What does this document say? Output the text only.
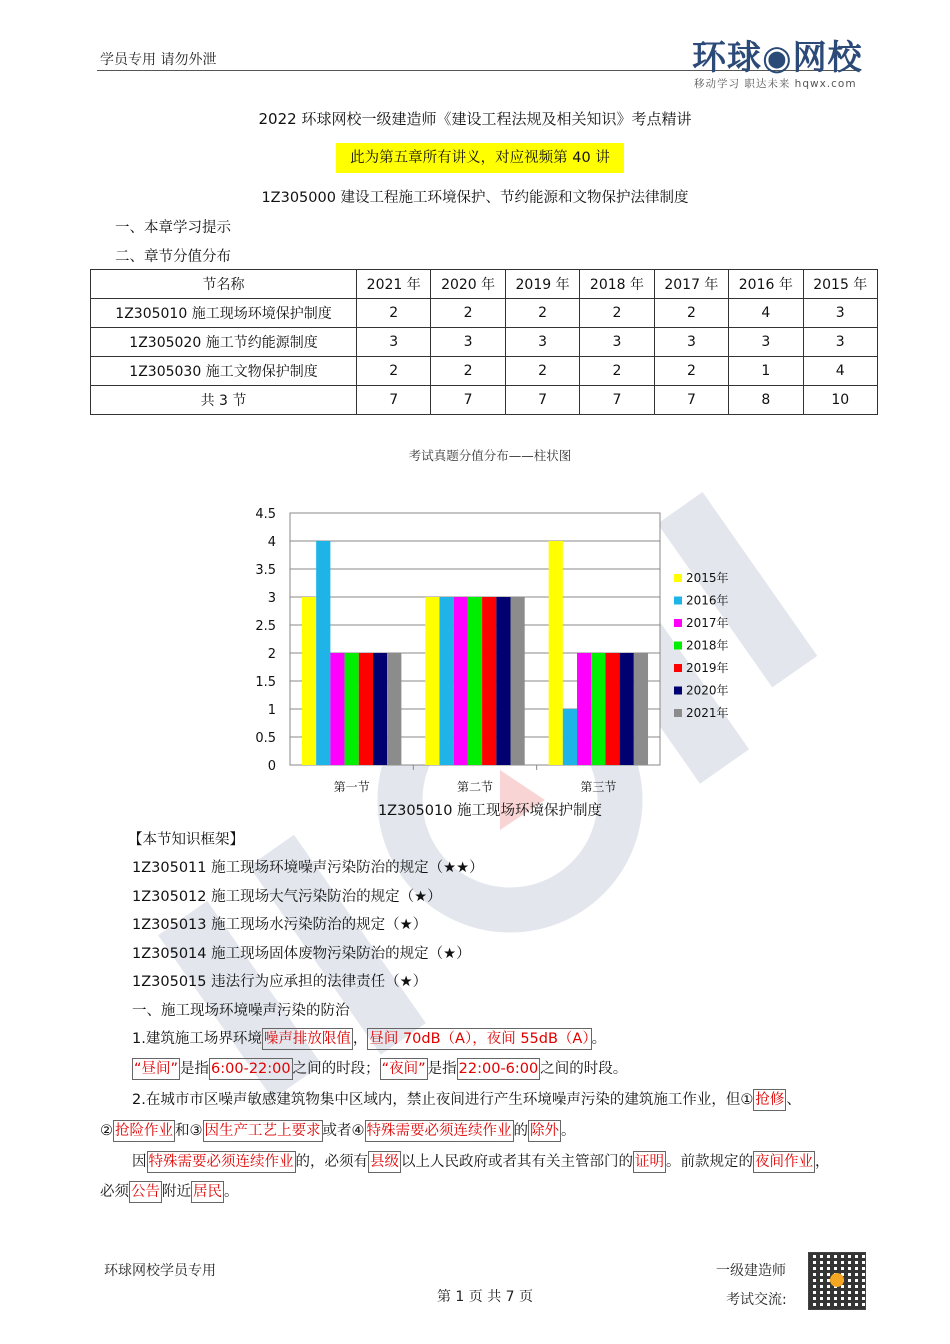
学员专用 请勿外泄	环球◉网校
移动学习 职达未来 hqwx.com
2022 环球网校一级建造师《建设工程法规及相关知识》考点精讲
此为第五章所有讲义，对应视频第 40 讲
1Z305000 建设工程施工环境保护、节约能源和文物保护法律制度
一、本章学习提示
二、章节分值分布
节名称	2021 年	2020 年	2019 年	2018 年	2017 年	2016 年	2015 年
1Z305010 施工现场环境保护制度	2	2	2	2	2	4	3
1Z305020 施工节约能源制度	3	3	3	3	3	3	3
1Z305030 施工文物保护制度	2	2	2	2	2	1	4
共 3 节	7	7	7	7	7	8	10
考试真题分值分布——柱状图
0
0.5
1
1.5
2
2.5
3
3.5
4
4.5
第一节	第二节	第三节
2015年
2016年
2017年
2018年
2019年
2020年
2021年
1Z305010 施工现场环境保护制度
【本节知识框架】
1Z305011 施工现场环境噪声污染防治的规定（★★）
1Z305012 施工现场大气污染防治的规定（★）
1Z305013 施工现场水污染防治的规定（★）
1Z305014 施工现场固体废物污染防治的规定（★）
1Z305015 违法行为应承担的法律责任（★）
一、施工现场环境噪声污染的防治
1.建筑施工场界环境 噪声排放限值 ， 昼间 70dB（A），夜间 55dB（A） 。
“昼间” 是指 6:00-22:00 之间的时段； “夜间” 是指 22:00-6:00 之间的时段。
2.在城市市区噪声敏感建筑物集中区域内，禁止夜间进行产生环境噪声污染的建筑施工作业，但① 抢修 、
② 抢险作业 和③ 因生产工艺上要求 或者④ 特殊需要必须连续作业 的 除外 。
因 特殊需要必须连续作业 的，必须有 县级 以上人民政府或者其有关主管部门的 证明 。前款规定的 夜间作业 ，
必须 公告 附近 居民 。
环球网校学员专用
第 1 页 共 7 页
一级建造师
考试交流:
